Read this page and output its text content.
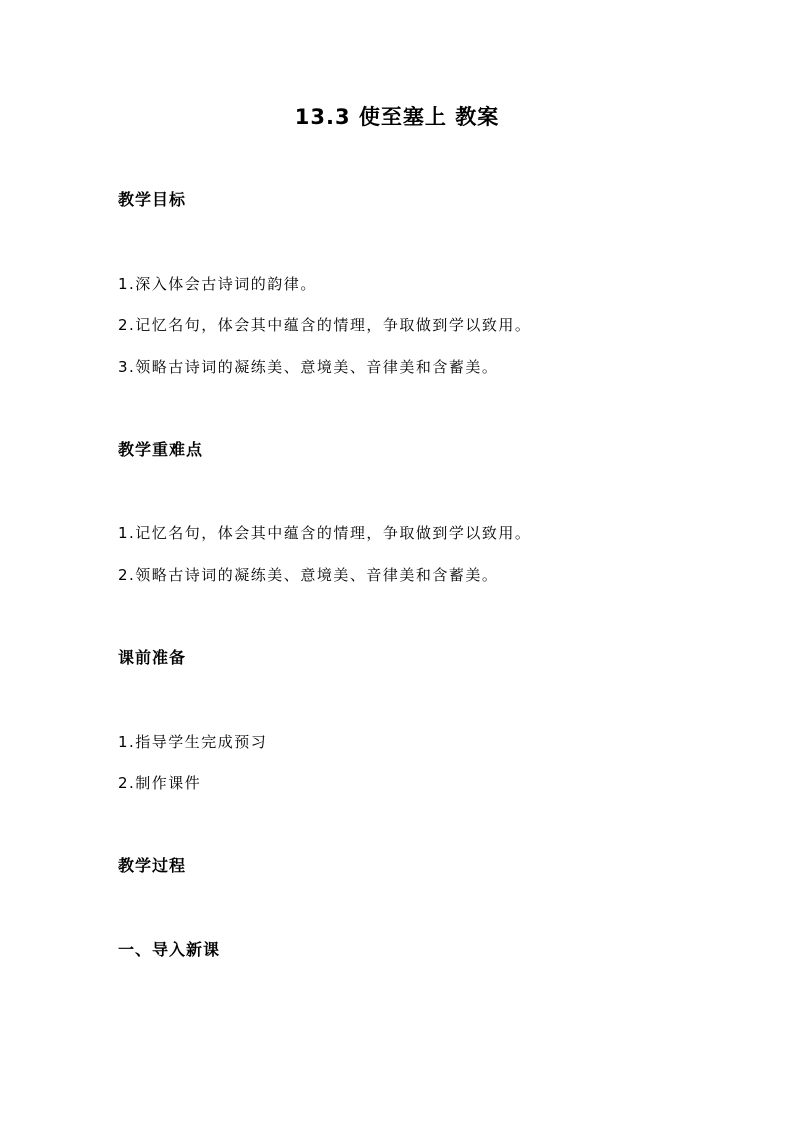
13.3 使至塞上 教案
教学目标
1.深入体会古诗词的韵律。
2.记忆名句，体会其中蕴含的情理，争取做到学以致用。
3.领略古诗词的凝练美、意境美、音律美和含蓄美。
教学重难点
1.记忆名句，体会其中蕴含的情理，争取做到学以致用。
2.领略古诗词的凝练美、意境美、音律美和含蓄美。
课前准备
1.指导学生完成预习
2.制作课件
教学过程
一、导入新课
